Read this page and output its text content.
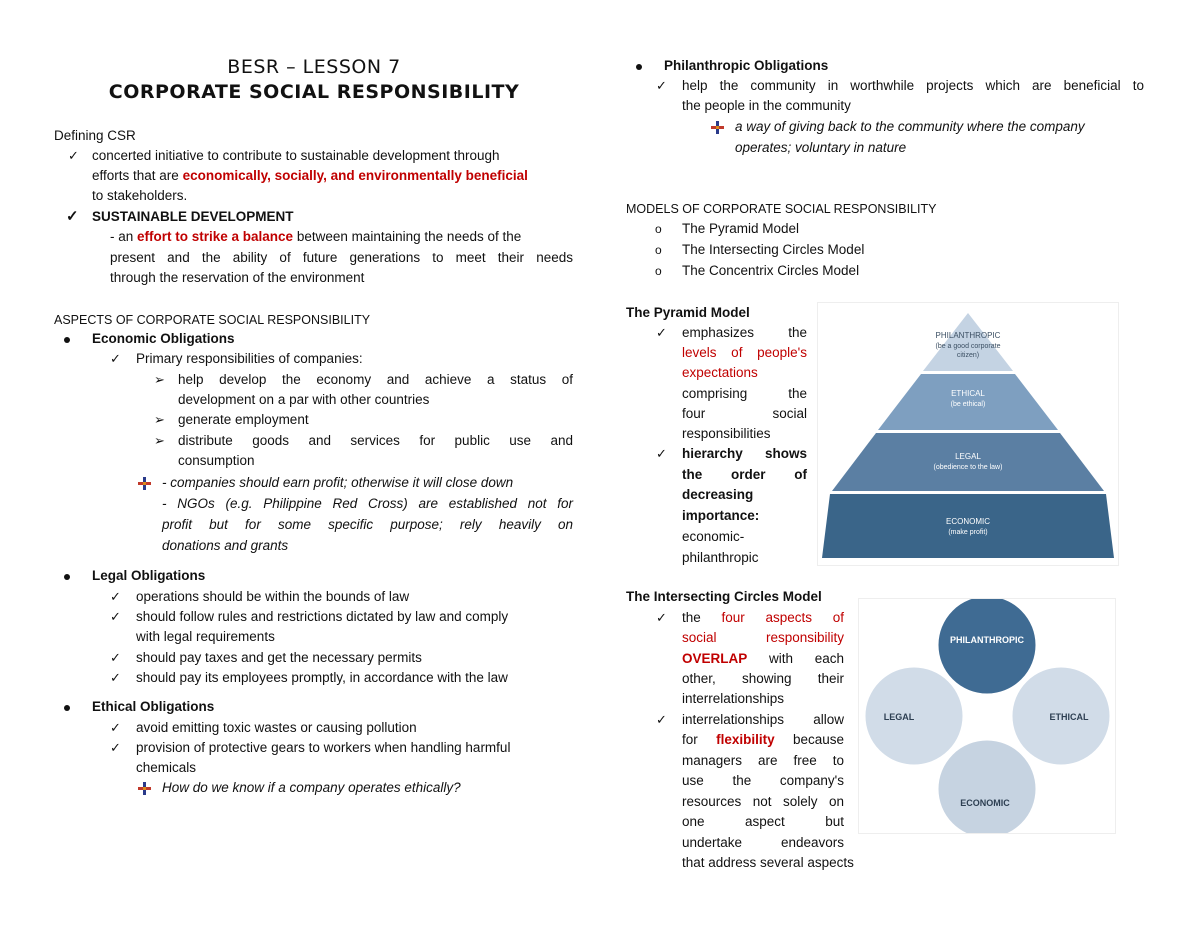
BESR – LESSON 7
CORPORATE SOCIAL RESPONSIBILITY
Defining CSR
✓ concerted initiative to contribute to sustainable development through
efforts that are economically, socially, and environmentally beneficial
to stakeholders.
✓ SUSTAINABLE DEVELOPMENT
- an effort to strike a balance between maintaining the needs of the
present and the ability of future generations to meet their needs
through the reservation of the environment
ASPECTS OF CORPORATE SOCIAL RESPONSIBILITY
Economic Obligations
✓ Primary responsibilities of companies:
➢ help develop the economy and achieve a status of
development on a par with other countries
➢ generate employment
➢ distribute goods and services for public use and
consumption
- companies should earn profit; otherwise it will close down
- NGOs (e.g. Philippine Red Cross) are established not for
profit but for some specific purpose; rely heavily on
donations and grants
Legal Obligations
✓ operations should be within the bounds of law
✓ should follow rules and restrictions dictated by law and comply
with legal requirements
✓ should pay taxes and get the necessary permits
✓ should pay its employees promptly, in accordance with the law
Ethical Obligations
✓ avoid emitting toxic wastes or causing pollution
✓ provision of protective gears to workers when handling harmful
chemicals
How do we know if a company operates ethically?
Philanthropic Obligations
✓ help the community in worthwhile projects which are beneficial to
the people in the community
a way of giving back to the community where the company
operates; voluntary in nature
MODELS OF CORPORATE SOCIAL RESPONSIBILITY
o The Pyramid Model
o The Intersecting Circles Model
o The Concentrix Circles Model
The Pyramid Model
✓ emphasizes the
levels of people's
expectations
comprising the
four social
responsibilities
✓ hierarchy shows
the order of
decreasing
importance:
economic-
philanthropic
PHILANTHROPIC
(be a good corporate
citizen)
ETHICAL
(be ethical)
LEGAL
(obedience to the law)
ECONOMIC
(make profit)
The Intersecting Circles Model
✓ the four aspects of
social responsibility
OVERLAP with each
other, showing their
interrelationships
✓ interrelationships allow
for flexibility because
managers are free to
use the company's
resources not solely on
one aspect but
undertake endeavors
that address several aspects
PHILANTHROPIC
LEGAL	ETHICAL
ECONOMIC
